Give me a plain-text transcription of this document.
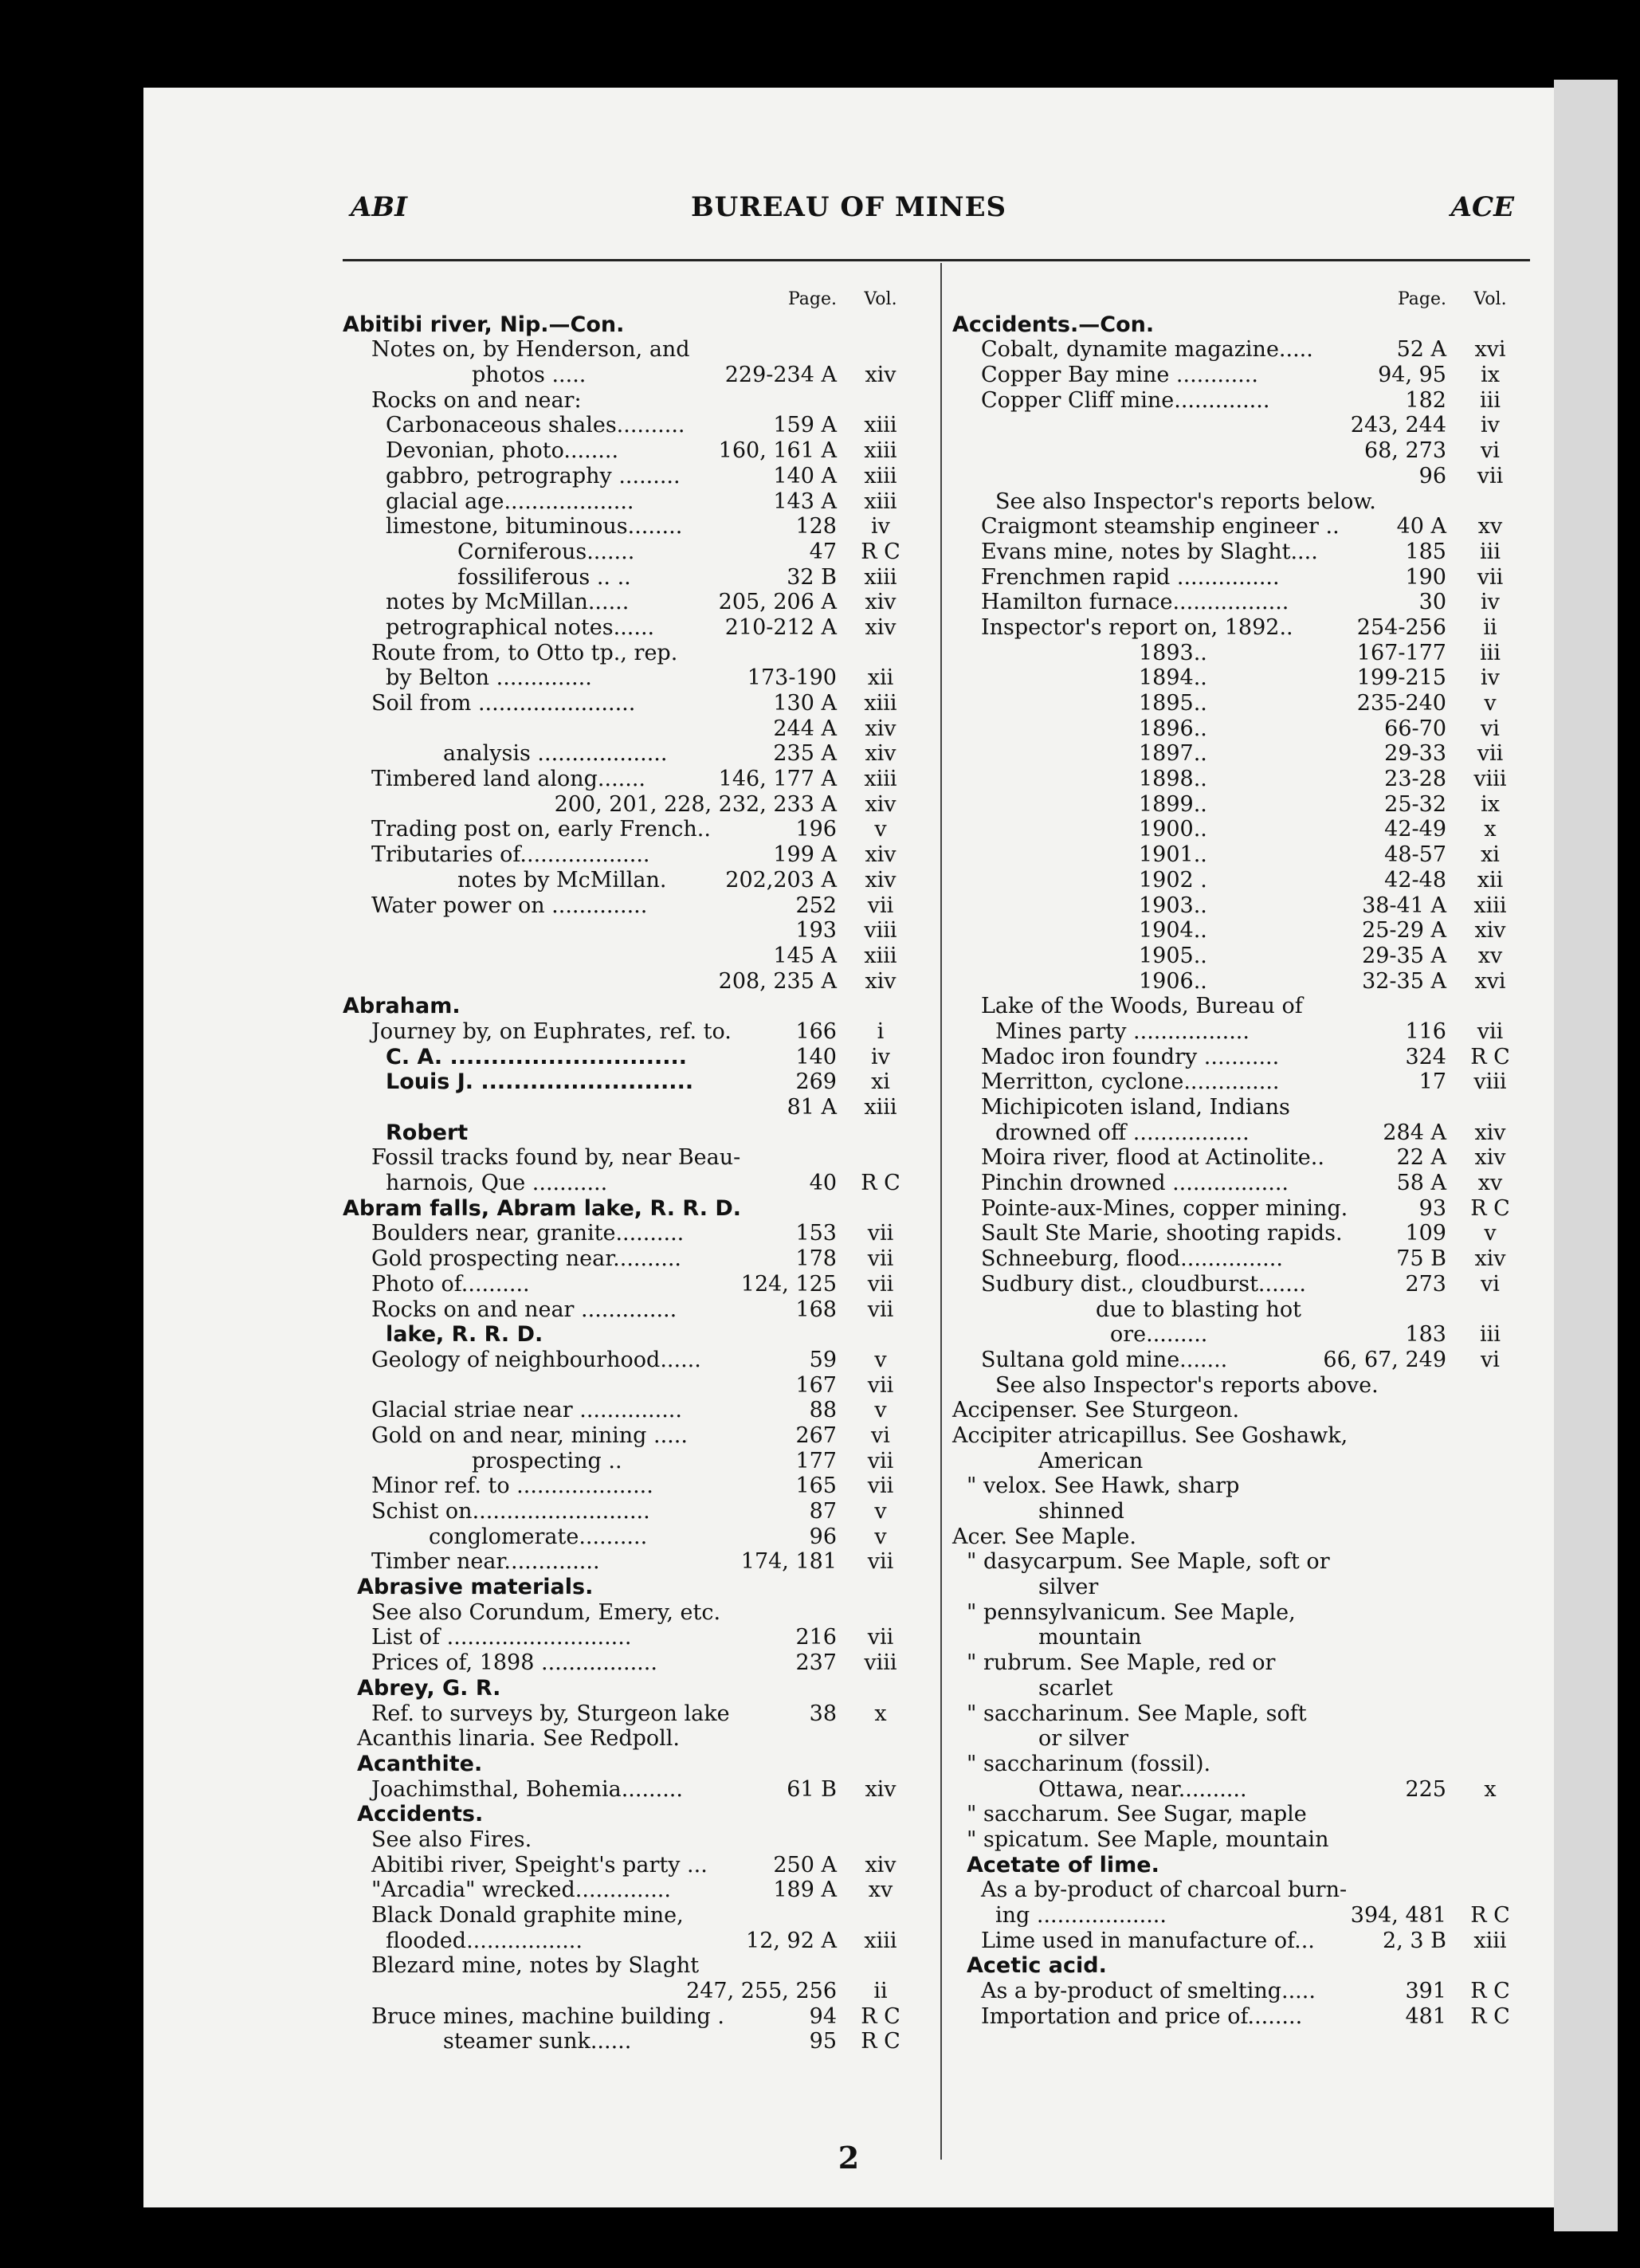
ABI	BUREAU OF MINES	ACE
Page.	Vol.
Abitibi river, Nip.—Con.
Notes on, by Henderson, and
photos .....	229-234 A	xiv
Rocks on and near:
Carbonaceous shales..........	159 A	xiii
Devonian, photo........	160, 161 A	xiii
gabbro, petrography .........	140 A	xiii
glacial age...................	143 A	xiii
limestone, bituminous........	128	iv
Corniferous.......	47	R C
fossiliferous .. ..	32 B	xiii
notes by McMillan......	205, 206 A	xiv
petrographical notes......	210-212 A	xiv
Route from, to Otto tp., rep.
by Belton ..............	173-190	xii
Soil from .......................	130 A	xiii
244 A	xiv
analysis ...................	235 A	xiv
Timbered land along.......	146, 177 A	xiii
200, 201, 228, 232, 233 A	xiv
Trading post on, early French..	196	v
Tributaries of...................	199 A	xiv
notes by McMillan.	202,203 A	xiv
Water power on ..............	252	vii
193	viii
145 A	xiii
208, 235 A	xiv
Abraham.
Journey by, on Euphrates, ref. to.	166	i
C. A. .............................	140	iv
Louis J. ..........................	269	xi
81 A	xiii
Robert
Fossil tracks found by, near Beau-
harnois, Que ...........	40	R C
Abram falls, Abram lake, R. R. D.
Boulders near, granite..........	153	vii
Gold prospecting near..........	178	vii
Photo of..........	124, 125	vii
Rocks on and near ..............	168	vii
lake, R. R. D.
Geology of neighbourhood......	59	v
167	vii
Glacial striae near ...............	88	v
Gold on and near, mining .....	267	vi
prospecting ..	177	vii
Minor ref. to ....................	165	vii
Schist on..........................	87	v
conglomerate..........	96	v
Timber near..............	174, 181	vii
Abrasive materials.
See also Corundum, Emery, etc.
List of ...........................	216	vii
Prices of, 1898 .................	237	viii
Abrey, G. R.
Ref. to surveys by, Sturgeon lake	38	x
Acanthis linaria. See Redpoll.
Acanthite.
Joachimsthal, Bohemia.........	61 B	xiv
Accidents.
See also Fires.
Abitibi river, Speight's party ...	250 A	xiv
"Arcadia" wrecked..............	189 A	xv
Black Donald graphite mine,
flooded.................	12, 92 A	xiii
Blezard mine, notes by Slaght
247, 255, 256	ii
Bruce mines, machine building .	94	R C
steamer sunk......	95	R C
Page.	Vol.
Accidents.—Con.
Cobalt, dynamite magazine.....	52 A	xvi
Copper Bay mine ............	94, 95	ix
Copper Cliff mine..............	182	iii
243, 244	iv
68, 273	vi
96	vii
See also Inspector's reports below.
Craigmont steamship engineer ..	40 A	xv
Evans mine, notes by Slaght....	185	iii
Frenchmen rapid ...............	190	vii
Hamilton furnace.................	30	iv
Inspector's report on, 1892..	254-256	ii
1893..	167-177	iii
1894..	199-215	iv
1895..	235-240	v
1896..	66-70	vi
1897..	29-33	vii
1898..	23-28	viii
1899..	25-32	ix
1900..	42-49	x
1901..	48-57	xi
1902 .	42-48	xii
1903..	38-41 A	xiii
1904..	25-29 A	xiv
1905..	29-35 A	xv
1906..	32-35 A	xvi
Lake of the Woods, Bureau of
Mines party .................	116	vii
Madoc iron foundry ...........	324	R C
Merritton, cyclone..............	17	viii
Michipicoten island, Indians
drowned off .................	284 A	xiv
Moira river, flood at Actinolite..	22 A	xiv
Pinchin drowned .................	58 A	xv
Pointe-aux-Mines, copper mining.	93	R C
Sault Ste Marie, shooting rapids.	109	v
Schneeburg, flood...............	75 B	xiv
Sudbury dist., cloudburst.......	273	vi
due to blasting hot
ore.........	183	iii
Sultana gold mine.......	66, 67, 249	vi
See also Inspector's reports above.
Accipenser. See Sturgeon.
Accipiter atricapillus. See Goshawk,
American
" velox. See Hawk, sharp
shinned
Acer. See Maple.
" dasycarpum. See Maple, soft or
silver
" pennsylvanicum. See Maple,
mountain
" rubrum. See Maple, red or
scarlet
" saccharinum. See Maple, soft
or silver
" saccharinum (fossil).
Ottawa, near..........	225	x
" saccharum. See Sugar, maple
" spicatum. See Maple, mountain
Acetate of lime.
As a by-product of charcoal burn-
ing ...................	394, 481	R C
Lime used in manufacture of...	2, 3 B	xiii
Acetic acid.
As a by-product of smelting.....	391	R C
Importation and price of........	481	R C
2
